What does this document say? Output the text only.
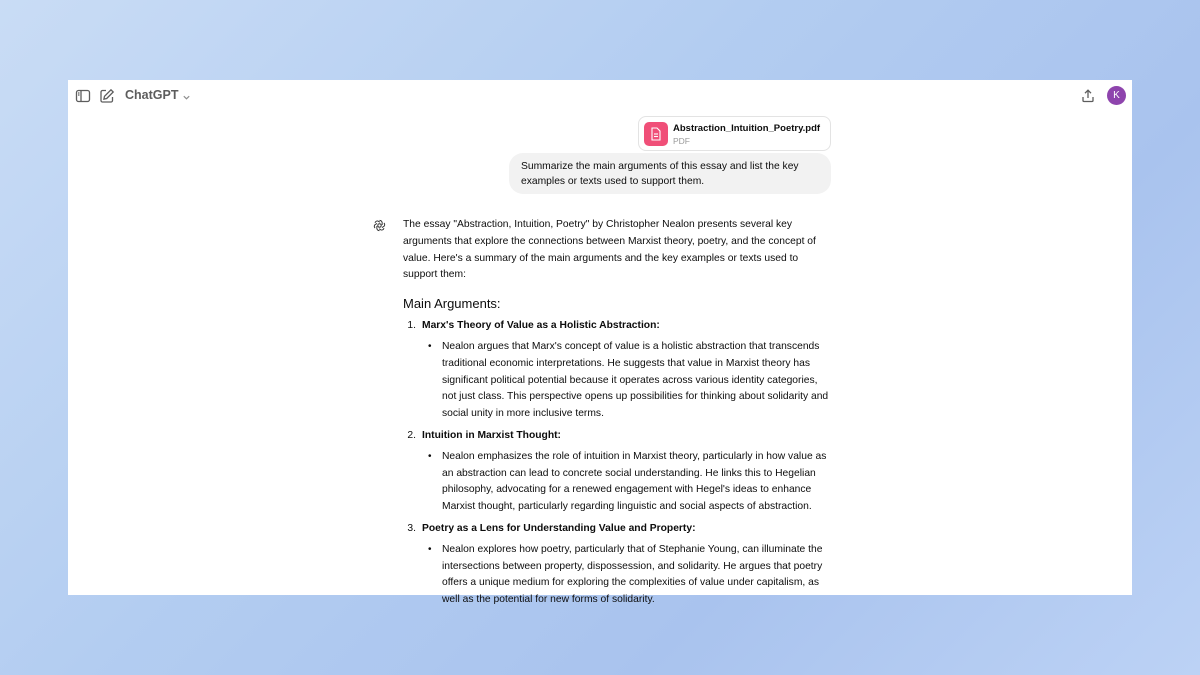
ChatGPT	K
Abstraction_Intuition_Poetry.pdf
PDF
Summarize the main arguments of this essay and list the key examples or texts used to support them.

The essay "Abstraction, Intuition, Poetry" by Christopher Nealon presents several key arguments that explore the connections between Marxist theory, poetry, and the concept of value. Here's a summary of the main arguments and the key examples or texts used to support them:

Main Arguments:
1. Marx's Theory of Value as a Holistic Abstraction:
•	Nealon argues that Marx's concept of value is a holistic abstraction that transcends traditional economic interpretations. He suggests that value in Marxist theory has significant political potential because it operates across various identity categories, not just class. This perspective opens up possibilities for thinking about solidarity and social unity in more inclusive terms.
2. Intuition in Marxist Thought:
•	Nealon emphasizes the role of intuition in Marxist theory, particularly in how value as an abstraction can lead to concrete social understanding. He links this to Hegelian philosophy, advocating for a renewed engagement with Hegel's ideas to enhance Marxist thought, particularly regarding linguistic and social aspects of abstraction.
3. Poetry as a Lens for Understanding Value and Property:
•	Nealon explores how poetry, particularly that of Stephanie Young, can illuminate the intersections between property, dispossession, and solidarity. He argues that poetry offers a unique medium for exploring the complexities of value under capitalism, as well as the potential for new forms of solidarity.
